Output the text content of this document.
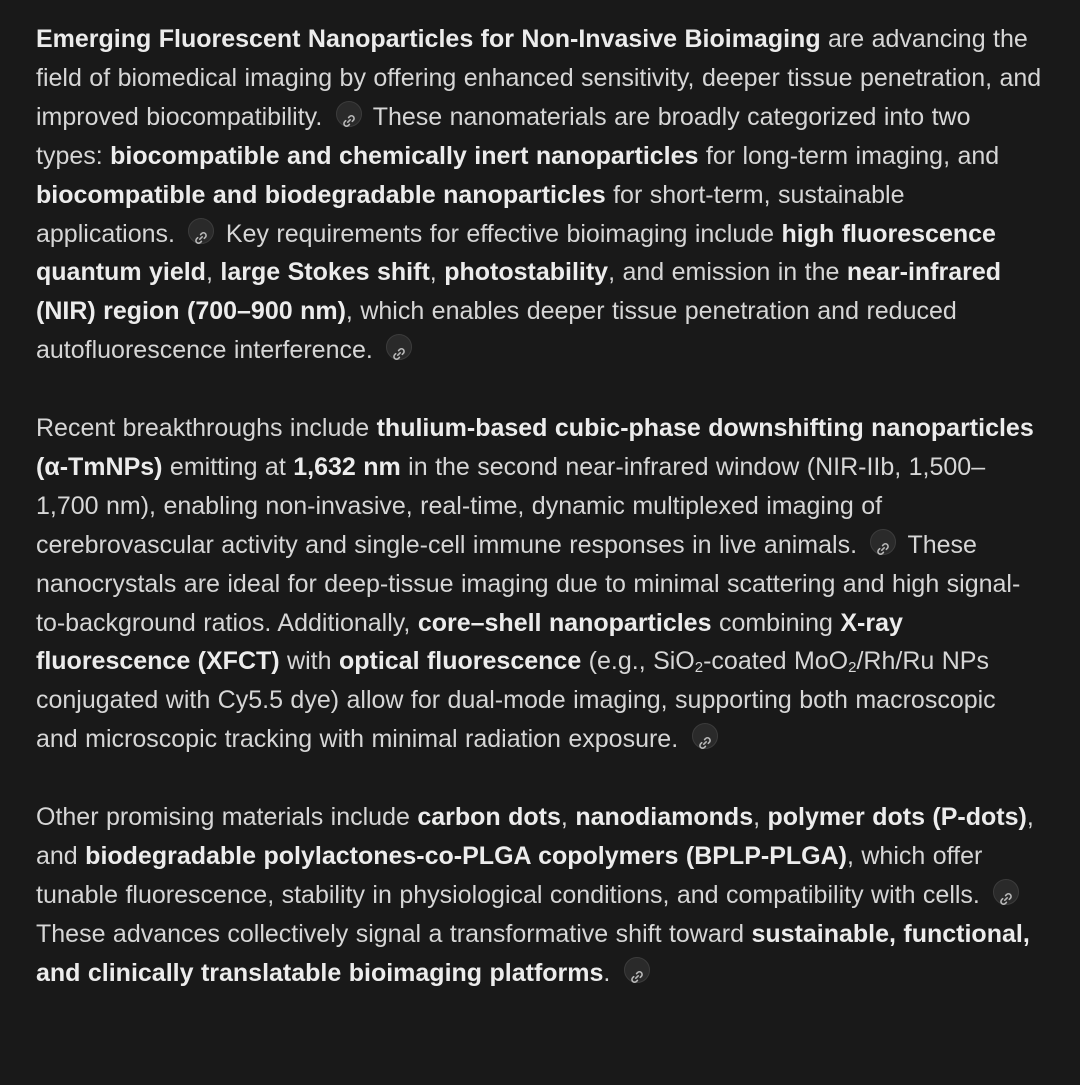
Emerging Fluorescent Nanoparticles for Non-Invasive Bioimaging are advancing the field of biomedical imaging by offering enhanced sensitivity, deeper tissue penetration, and improved biocompatibility.  These nanomaterials are broadly categorized into two types: biocompatible and chemically inert nanoparticles for long-term imaging, and biocompatible and biodegradable nanoparticles for short-term, sustainable applications.  Key requirements for effective bioimaging include high fluorescence quantum yield, large Stokes shift, photostability, and emission in the near-infrared (NIR) region (700–900 nm), which enables deeper tissue penetration and reduced autofluorescence interference.

Recent breakthroughs include thulium-based cubic-phase downshifting nanoparticles (α-TmNPs) emitting at 1,632 nm in the second near-infrared window (NIR-IIb, 1,500–1,700 nm), enabling non-invasive, real-time, dynamic multiplexed imaging of cerebrovascular activity and single-cell immune responses in live animals.  These nanocrystals are ideal for deep-tissue imaging due to minimal scattering and high signal-to-background ratios. Additionally, core–shell nanoparticles combining X-ray fluorescence (XFCT) with optical fluorescence (e.g., SiO$_2$-coated MoO$_2$/Rh/Ru NPs conjugated with Cy5.5 dye) allow for dual-mode imaging, supporting both macroscopic and microscopic tracking with minimal radiation exposure.

Other promising materials include carbon dots, nanodiamonds, polymer dots (P-dots), and biodegradable polylactones-co-PLGA copolymers (BPLP-PLGA), which offer tunable fluorescence, stability in physiological conditions, and compatibility with cells.  These advances collectively signal a transformative shift toward sustainable, functional, and clinically translatable bioimaging platforms.
